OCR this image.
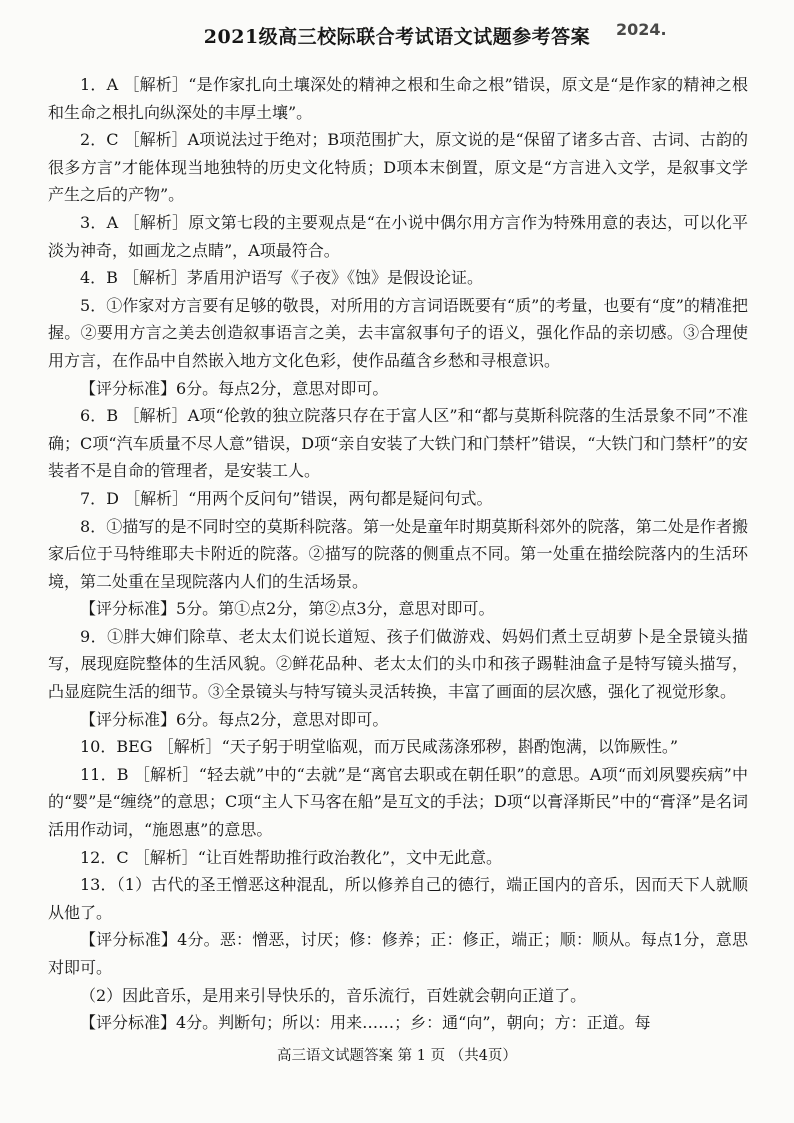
2021级高三校际联合考试语文试题参考答案	2024.

1．A ［解析］“是作家扎向土壤深处的精神之根和生命之根”错误，原文是“是作家的精神之根和生命之根扎向纵深处的丰厚土壤”。

2．C ［解析］A项说法过于绝对；B项范围扩大，原文说的是“保留了诸多古音、古词、古韵的很多方言”才能体现当地独特的历史文化特质；D项本末倒置，原文是“方言进入文学，是叙事文学产生之后的产物”。

3．A ［解析］原文第七段的主要观点是“在小说中偶尔用方言作为特殊用意的表达，可以化平淡为神奇，如画龙之点睛”，A项最符合。

4．B ［解析］茅盾用沪语写《子夜》《蚀》是假设论证。

5．①作家对方言要有足够的敬畏，对所用的方言词语既要有“质”的考量，也要有“度”的精准把握。②要用方言之美去创造叙事语言之美，去丰富叙事句子的语义，强化作品的亲切感。③合理使用方言，在作品中自然嵌入地方文化色彩，使作品蕴含乡愁和寻根意识。

【评分标准】6分。每点2分，意思对即可。

6．B ［解析］A项“伦敦的独立院落只存在于富人区”和“都与莫斯科院落的生活景象不同”不准确；C项“汽车质量不尽人意”错误，D项“亲自安装了大铁门和门禁杆”错误，“大铁门和门禁杆”的安装者不是自命的管理者，是安装工人。

7．D ［解析］“用两个反问句”错误，两句都是疑问句式。

8．①描写的是不同时空的莫斯科院落。第一处是童年时期莫斯科郊外的院落，第二处是作者搬家后位于马特维耶夫卡附近的院落。②描写的院落的侧重点不同。第一处重在描绘院落内的生活环境，第二处重在呈现院落内人们的生活场景。

【评分标准】5分。第①点2分，第②点3分，意思对即可。

9．①胖大婶们除草、老太太们说长道短、孩子们做游戏、妈妈们煮土豆胡萝卜是全景镜头描写，展现庭院整体的生活风貌。②鲜花品种、老太太们的头巾和孩子踢鞋油盒子是特写镜头描写，凸显庭院生活的细节。③全景镜头与特写镜头灵活转换，丰富了画面的层次感，强化了视觉形象。

【评分标准】6分。每点2分，意思对即可。

10．BEG ［解析］“天子躬于明堂临观，而万民咸荡涤邪秽，斟酌饱满，以饰厥性。”

11．B ［解析］“轻去就”中的“去就”是“离官去职或在朝任职”的意思。A项“而刘夙婴疾病”中的“婴”是“缠绕”的意思；C项“主人下马客在船”是互文的手法；D项“以膏泽斯民”中的“膏泽”是名词活用作动词，“施恩惠”的意思。

12．C ［解析］“让百姓帮助推行政治教化”，文中无此意。

13．（1）古代的圣王憎恶这种混乱，所以修养自己的德行，端正国内的音乐，因而天下人就顺从他了。

【评分标准】4分。恶：憎恶，讨厌；修：修养；正：修正，端正；顺：顺从。每点1分，意思对即可。

（2）因此音乐，是用来引导快乐的，音乐流行，百姓就会朝向正道了。

【评分标准】4分。判断句；所以：用来……；乡：通“向”，朝向；方：正道。每

高三语文试题答案 第 1 页 （共4页）
